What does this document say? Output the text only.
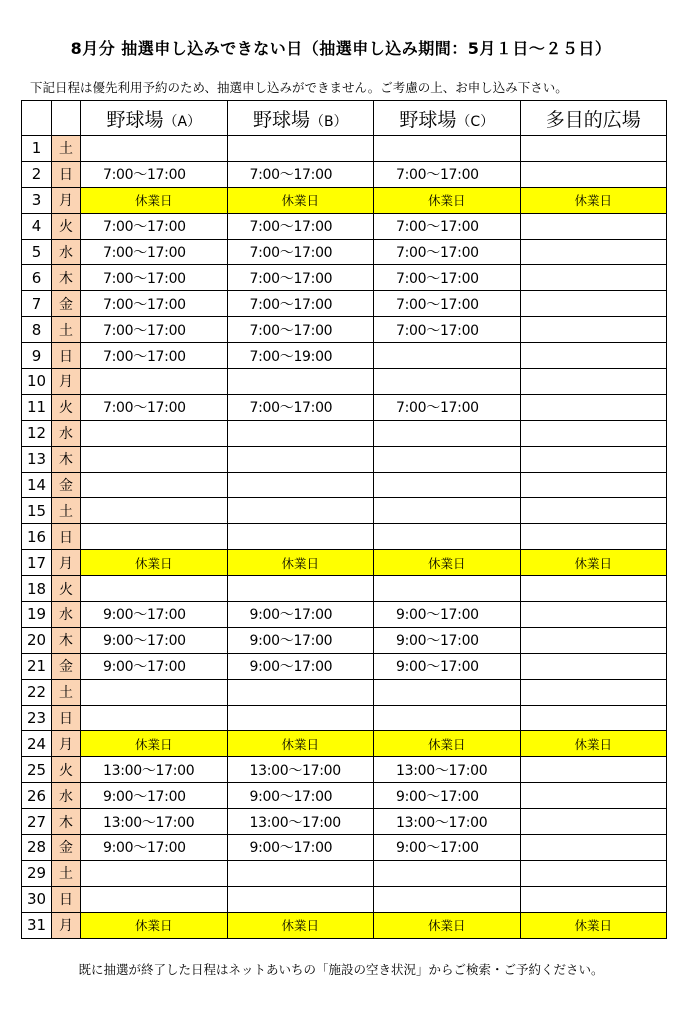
8月分 抽選申し込みできない日（抽選申し込み期間：5月１日～２５日）
下記日程は優先利用予約のため、抽選申し込みができません。ご考慮の上、お申し込み下さい。
		野球場（A）	野球場（B）	野球場（C）	多目的広場
1	土				
2	日	7:00～17:00	7:00～17:00	7:00～17:00	
3	月	休業日	休業日	休業日	休業日
4	火	7:00～17:00	7:00～17:00	7:00～17:00	
5	水	7:00～17:00	7:00～17:00	7:00～17:00	
6	木	7:00～17:00	7:00～17:00	7:00～17:00	
7	金	7:00～17:00	7:00～17:00	7:00～17:00	
8	土	7:00～17:00	7:00～17:00	7:00～17:00	
9	日	7:00～17:00	7:00～19:00		
10	月				
11	火	7:00～17:00	7:00～17:00	7:00～17:00	
12	水				
13	木				
14	金				
15	土				
16	日				
17	月	休業日	休業日	休業日	休業日
18	火				
19	水	9:00～17:00	9:00～17:00	9:00～17:00	
20	木	9:00～17:00	9:00～17:00	9:00～17:00	
21	金	9:00～17:00	9:00～17:00	9:00～17:00	
22	土				
23	日				
24	月	休業日	休業日	休業日	休業日
25	火	13:00～17:00	13:00～17:00	13:00～17:00	
26	水	9:00～17:00	9:00～17:00	9:00～17:00	
27	木	13:00～17:00	13:00～17:00	13:00～17:00	
28	金	9:00～17:00	9:00～17:00	9:00～17:00	
29	土				
30	日				
31	月	休業日	休業日	休業日	休業日
既に抽選が終了した日程はネットあいちの「施設の空き状況」からご検索・ご予約ください。
